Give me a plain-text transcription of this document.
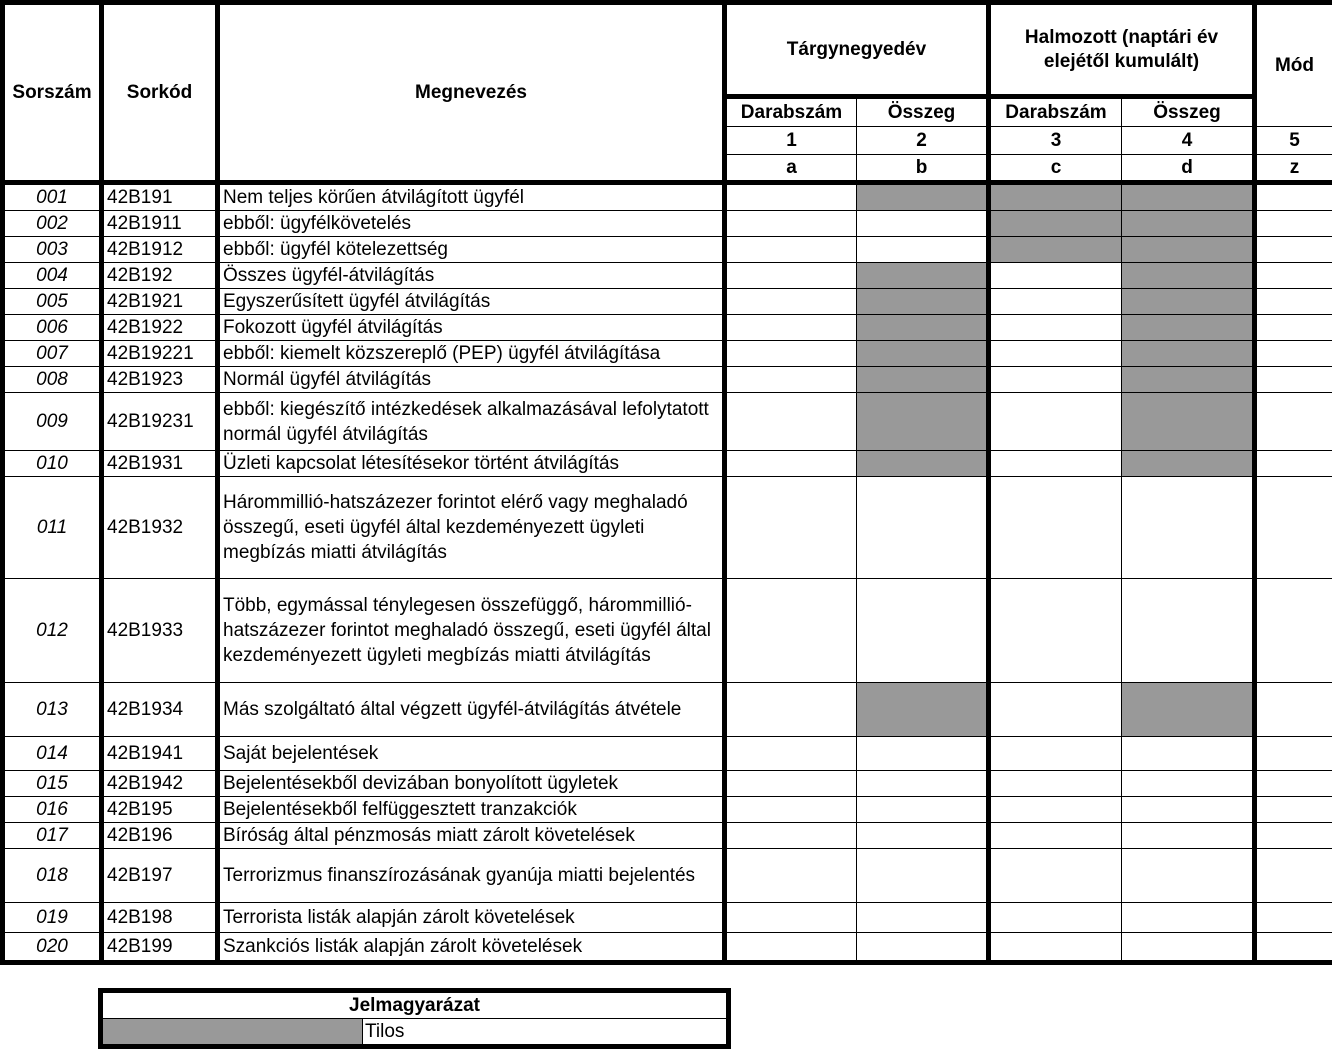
Sorszám	Sorkód	Megnevezés	Tárgynegyedév		Halmozott (naptári év elejétől kumulált)		Mód
			Darabszám	Összeg	Darabszám	Összeg	
			1	2	3	4	5
			a	b	c	d	z
001	42B191	Nem teljes körűen átvilágított ügyfél					
002	42B1911	ebből: ügyfélkövetelés					
003	42B1912	ebből: ügyfél kötelezettség					
004	42B192	Összes ügyfél-átvilágítás					
005	42B1921	Egyszerűsített ügyfél átvilágítás					
006	42B1922	Fokozott ügyfél átvilágítás					
007	42B19221	ebből: kiemelt közszereplő (PEP) ügyfél átvilágítása					
008	42B1923	Normál ügyfél átvilágítás					
009	42B19231	ebből: kiegészítő intézkedések alkalmazásával lefolytatott normál ügyfél átvilágítás					
010	42B1931	Üzleti kapcsolat létesítésekor történt átvilágítás					
011	42B1932	Hárommillió-hatszázezer forintot elérő vagy meghaladó összegű, eseti ügyfél által kezdeményezett ügyleti megbízás miatti átvilágítás					
012	42B1933	Több, egymással ténylegesen összefüggő, hárommillió-hatszázezer forintot meghaladó összegű, eseti ügyfél által kezdeményezett ügyleti megbízás miatti átvilágítás					
013	42B1934	Más szolgáltató által végzett ügyfél-átvilágítás átvétele					
014	42B1941	Saját bejelentések					
015	42B1942	Bejelentésekből devizában bonyolított ügyletek					
016	42B195	Bejelentésekből felfüggesztett tranzakciók					
017	42B196	Bíróság által pénzmosás miatt zárolt követelések					
018	42B197	Terrorizmus finanszírozásának gyanúja miatti bejelentés					
019	42B198	Terrorista listák alapján zárolt követelések					
020	42B199	Szankciós listák alapján zárolt követelések					
Jelmagyarázat
	Tilos
